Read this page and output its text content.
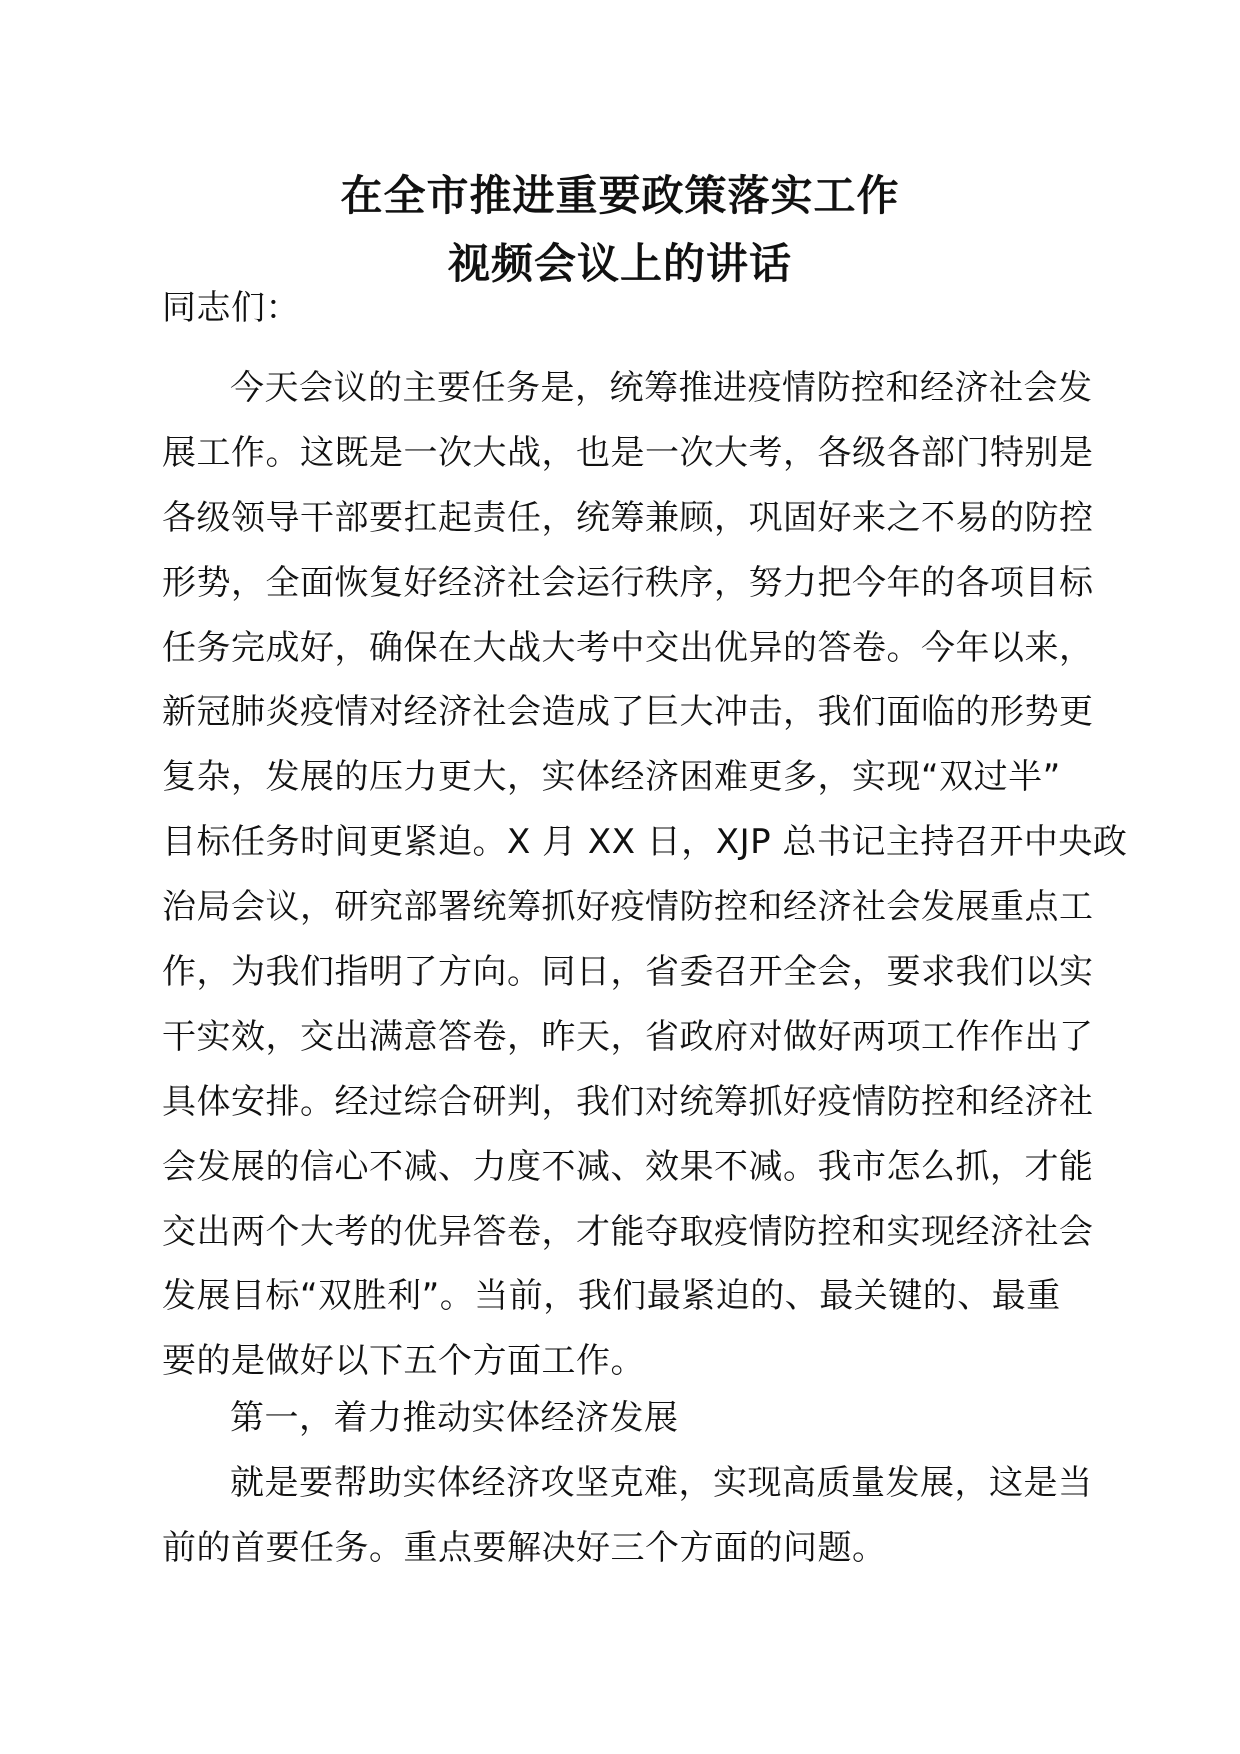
在全市推进重要政策落实工作
视频会议上的讲话

同志们：

今天会议的主要任务是，统筹推进疫情防控和经济社会发
展工作。这既是一次大战，也是一次大考，各级各部门特别是
各级领导干部要扛起责任，统筹兼顾，巩固好来之不易的防控
形势，全面恢复好经济社会运行秩序，努力把今年的各项目标
任务完成好，确保在大战大考中交出优异的答卷。今年以来，
新冠肺炎疫情对经济社会造成了巨大冲击，我们面临的形势更
复杂，发展的压力更大，实体经济困难更多，实现“双过半”
目标任务时间更紧迫。X 月 XX 日，XJP 总书记主持召开中央政
治局会议，研究部署统筹抓好疫情防控和经济社会发展重点工
作，为我们指明了方向。同日，省委召开全会，要求我们以实
干实效，交出满意答卷，昨天，省政府对做好两项工作作出了
具体安排。经过综合研判，我们对统筹抓好疫情防控和经济社
会发展的信心不减、力度不减、效果不减。我市怎么抓，才能
交出两个大考的优异答卷，才能夺取疫情防控和实现经济社会
发展目标“双胜利”。当前，我们最紧迫的、最关键的、最重
要的是做好以下五个方面工作。

第一，着力推动实体经济发展

就是要帮助实体经济攻坚克难，实现高质量发展，这是当
前的首要任务。重点要解决好三个方面的问题。
